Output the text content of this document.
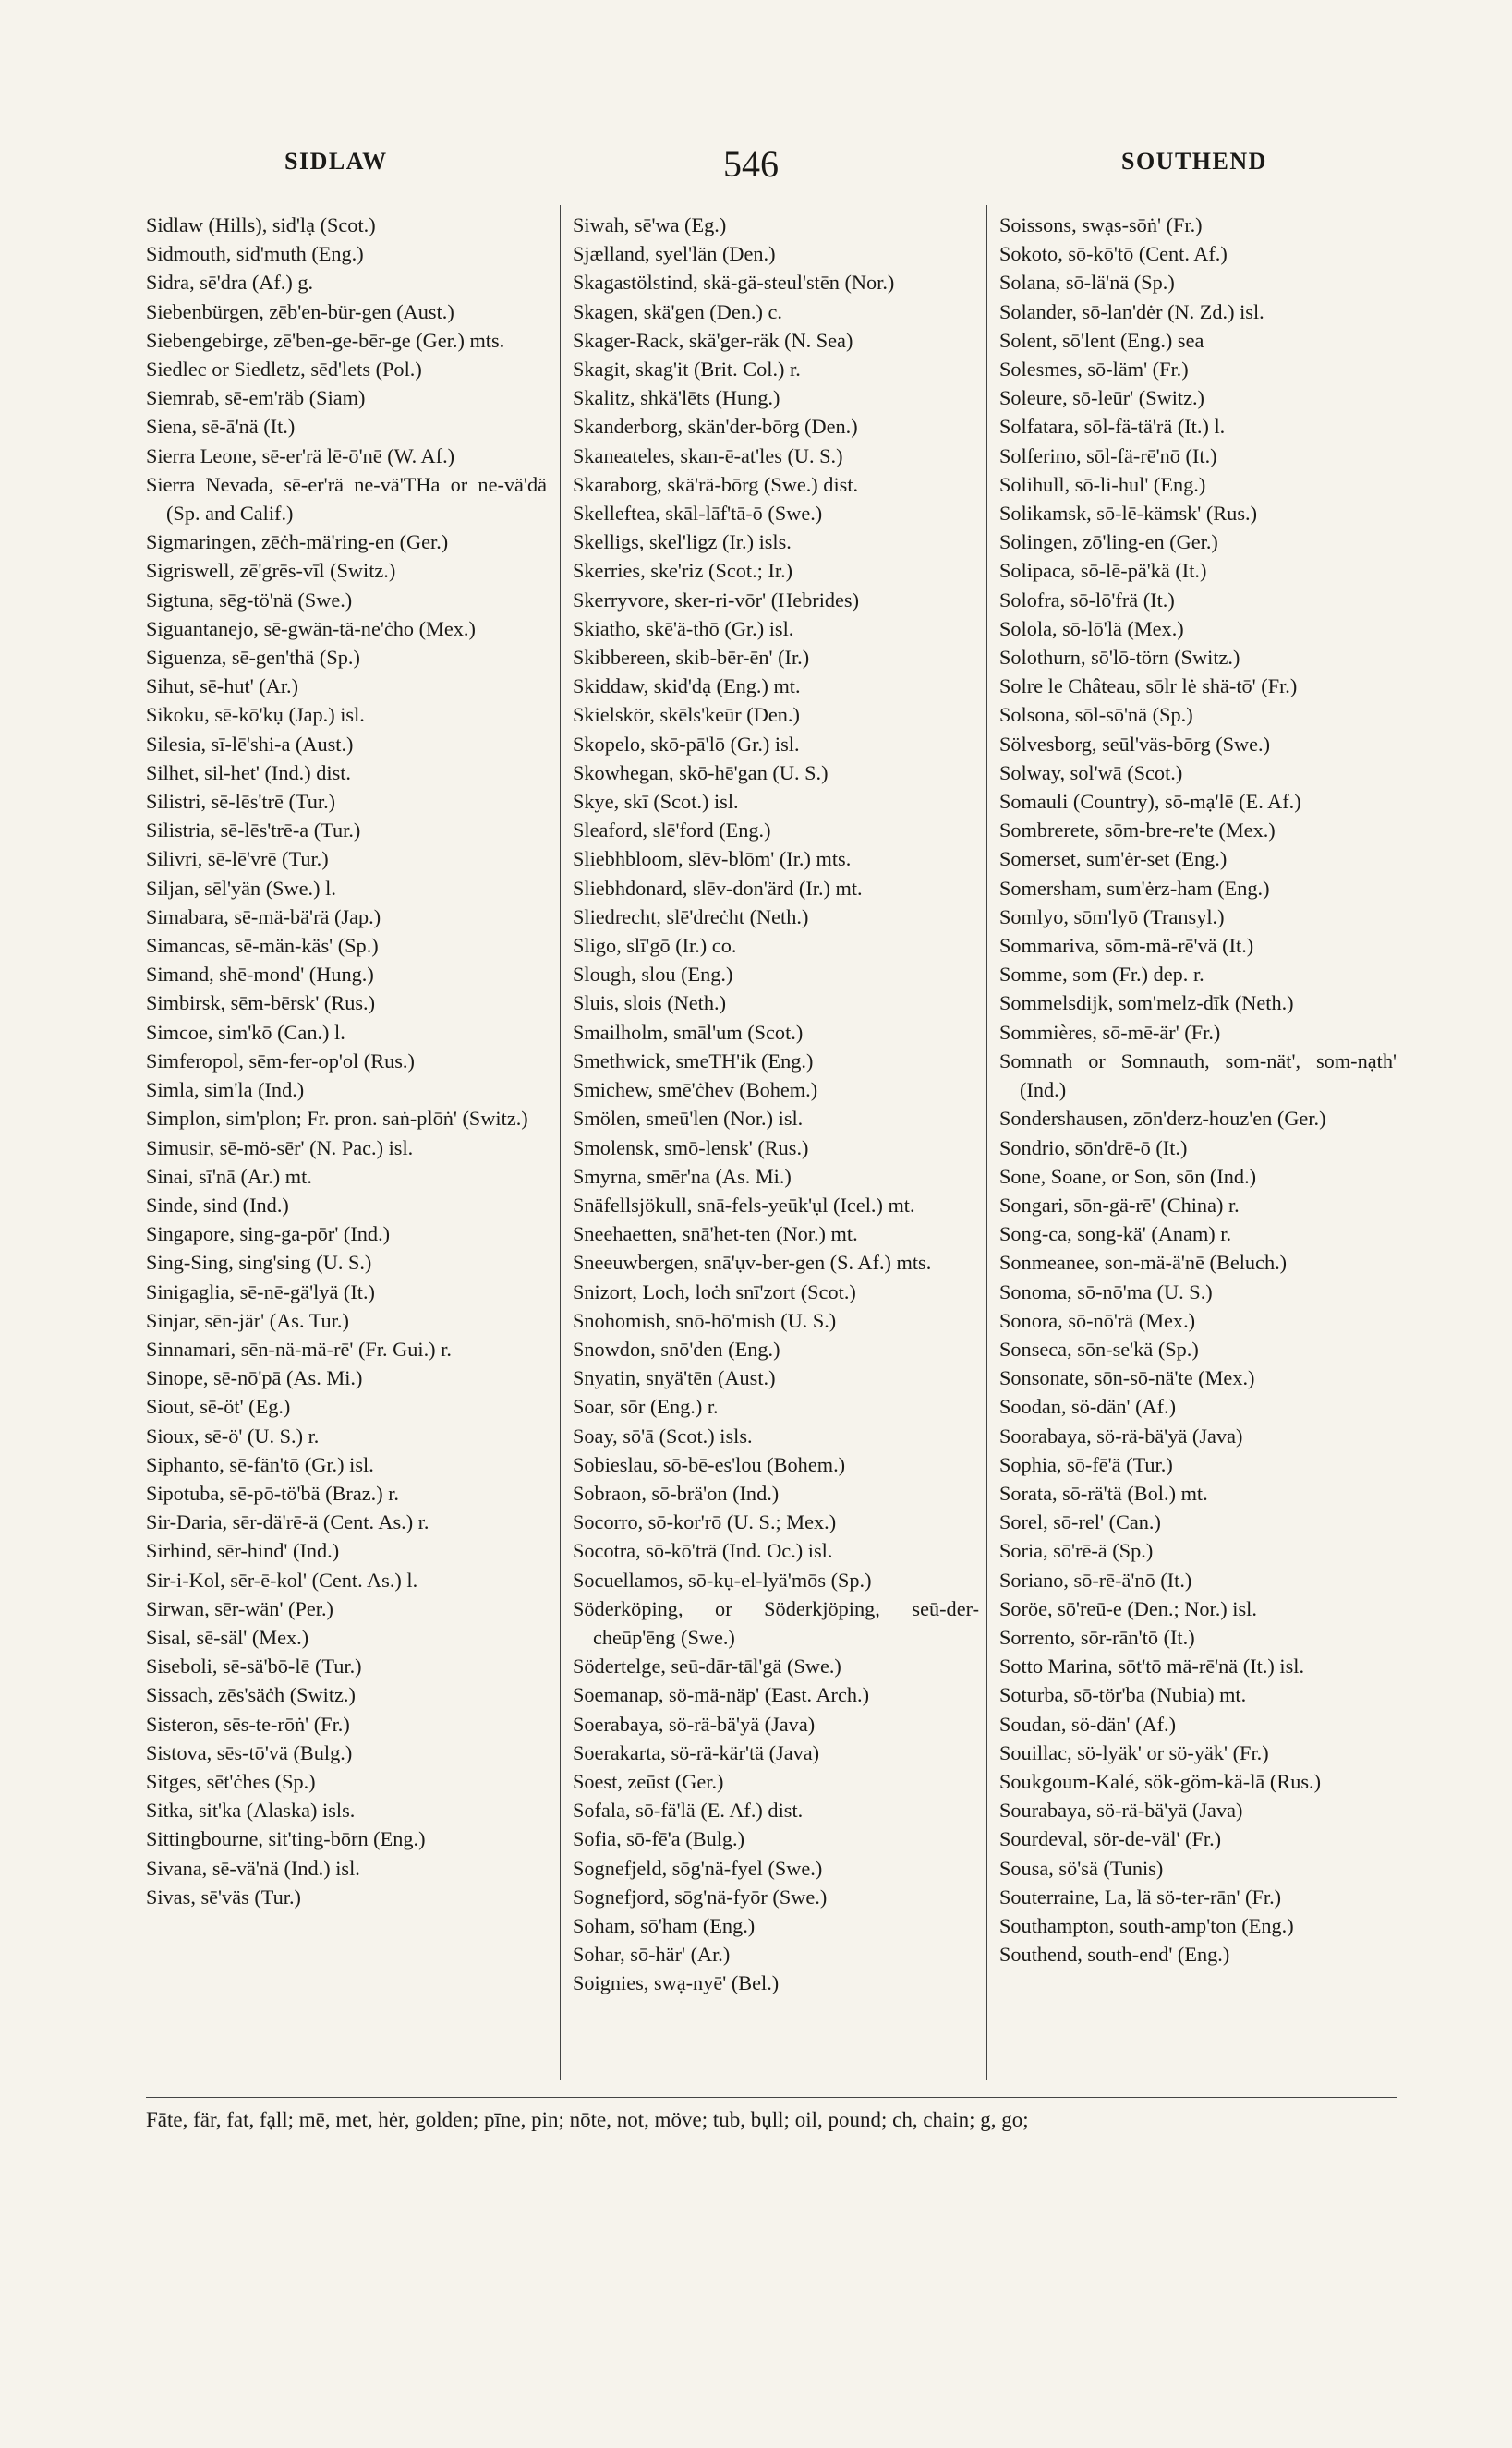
SIDLAW	546	SOUTHEND
Sidlaw (Hills), sid'lạ (Scot.)
Sidmouth, sid'muth (Eng.)
Sidra, sē'dra (Af.) g.
Siebenbürgen, zēb'en-bür-gen (Aust.)
Siebengebirge, zē'ben-ge-bēr-ge (Ger.) mts.
Siedlec or Siedletz, sēd'lets (Pol.)
Siemrab, sē-em'räb (Siam)
Siena, sē-ā'nä (It.)
Sierra Leone, sē-er'rä lē-ō'nē (W. Af.)
Sierra Nevada, sē-er'rä ne-vä'THa or ne-vä'dä (Sp. and Calif.)
Sigmaringen, zēċh-mä'ring-en (Ger.)
Sigriswell, zē'grēs-vīl (Switz.)
Sigtuna, sēg-tö'nä (Swe.)
Siguantanejo, sē-gwän-tä-ne'ċho (Mex.)
Siguenza, sē-gen'thä (Sp.)
Sihut, sē-hut' (Ar.)
Sikoku, sē-kō'kụ (Jap.) isl.
Silesia, sī-lē'shi-a (Aust.)
Silhet, sil-het' (Ind.) dist.
Silistri, sē-lēs'trē (Tur.)
Silistria, sē-lēs'trē-a (Tur.)
Silivri, sē-lē'vrē (Tur.)
Siljan, sēl'yän (Swe.) l.
Simabara, sē-mä-bä'rä (Jap.)
Simancas, sē-män-käs' (Sp.)
Simand, shē-mond' (Hung.)
Simbirsk, sēm-bērsk' (Rus.)
Simcoe, sim'kō (Can.) l.
Simferopol, sēm-fer-op'ol (Rus.)
Simla, sim'la (Ind.)
Simplon, sim'plon; Fr. pron. saṅ-plōṅ' (Switz.)
Simusir, sē-mö-sēr' (N. Pac.) isl.
Sinai, sī'nā (Ar.) mt.
Sinde, sind (Ind.)
Singapore, sing-ga-pōr' (Ind.)
Sing-Sing, sing'sing (U. S.)
Sinigaglia, sē-nē-gä'lyä (It.)
Sinjar, sēn-jär' (As. Tur.)
Sinnamari, sēn-nä-mä-rē' (Fr. Gui.) r.
Sinope, sē-nō'pā (As. Mi.)
Siout, sē-öt' (Eg.)
Sioux, sē-ö' (U. S.) r.
Siphanto, sē-fän'tō (Gr.) isl.
Sipotuba, sē-pō-tö'bä (Braz.) r.
Sir-Daria, sēr-dä'rē-ä (Cent. As.) r.
Sirhind, sēr-hind' (Ind.)
Sir-i-Kol, sēr-ē-kol' (Cent. As.) l.
Sirwan, sēr-wän' (Per.)
Sisal, sē-säl' (Mex.)
Siseboli, sē-sä'bō-lē (Tur.)
Sissach, zēs'säċh (Switz.)
Sisteron, sēs-te-rōṅ' (Fr.)
Sistova, sēs-tō'vä (Bulg.)
Sitges, sēt'ċhes (Sp.)
Sitka, sit'ka (Alaska) isls.
Sittingbourne, sit'ting-bōrn (Eng.)
Sivana, sē-vä'nä (Ind.) isl.
Sivas, sē'väs (Tur.)
Siwah, sē'wa (Eg.)
Sjælland, syel'län (Den.)
Skagastölstind, skä-gä-steul'stēn (Nor.)
Skagen, skä'gen (Den.) c.
Skager-Rack, skä'ger-räk (N. Sea)
Skagit, skag'it (Brit. Col.) r.
Skalitz, shkä'lēts (Hung.)
Skanderborg, skän'der-bōrg (Den.)
Skaneateles, skan-ē-at'les (U. S.)
Skaraborg, skä'rä-bōrg (Swe.) dist.
Skelleftea, skāl-lāf'tā-ō (Swe.)
Skelligs, skel'ligz (Ir.) isls.
Skerries, ske'riz (Scot.; Ir.)
Skerryvore, sker-ri-vōr' (Hebrides)
Skiatho, skē'ä-thō (Gr.) isl.
Skibbereen, skib-bēr-ēn' (Ir.)
Skiddaw, skid'dạ (Eng.) mt.
Skielskör, skēls'keūr (Den.)
Skopelo, skō-pā'lō (Gr.) isl.
Skowhegan, skō-hē'gan (U. S.)
Skye, skī (Scot.) isl.
Sleaford, slē'ford (Eng.)
Sliebhbloom, slēv-blōm' (Ir.) mts.
Sliebhdonard, slēv-don'ärd (Ir.) mt.
Sliedrecht, slē'dreċht (Neth.)
Sligo, slī'gō (Ir.) co.
Slough, slou (Eng.)
Sluis, slois (Neth.)
Smailholm, smāl'um (Scot.)
Smethwick, smeTH'ik (Eng.)
Smichew, smē'ċhev (Bohem.)
Smölen, smeū'len (Nor.) isl.
Smolensk, smō-lensk' (Rus.)
Smyrna, smēr'na (As. Mi.)
Snäfellsjökull, snā-fels-yeūk'ụl (Icel.) mt.
Sneehaetten, snā'het-ten (Nor.) mt.
Sneeuwbergen, snā'ụv-ber-gen (S. Af.) mts.
Snizort, Loch, loċh snī'zort (Scot.)
Snohomish, snō-hō'mish (U. S.)
Snowdon, snō'den (Eng.)
Snyatin, snyä'tēn (Aust.)
Soar, sōr (Eng.) r.
Soay, sō'ā (Scot.) isls.
Sobieslau, sō-bē-es'lou (Bohem.)
Sobraon, sō-brä'on (Ind.)
Socorro, sō-kor'rō (U. S.; Mex.)
Socotra, sō-kō'trä (Ind. Oc.) isl.
Socuellamos, sō-kụ-el-lyä'mōs (Sp.)
Söderköping, or Söderkjöping, seū-der-cheūp'ēng (Swe.)
Södertelge, seū-dār-tāl'gä (Swe.)
Soemanap, sö-mä-näp' (East. Arch.)
Soerabaya, sö-rä-bä'yä (Java)
Soerakarta, sö-rä-kär'tä (Java)
Soest, zeūst (Ger.)
Sofala, sō-fä'lä (E. Af.) dist.
Sofia, sō-fē'a (Bulg.)
Sognefjeld, sōg'nä-fyel (Swe.)
Sognefjord, sōg'nä-fyōr (Swe.)
Soham, sō'ham (Eng.)
Sohar, sō-här' (Ar.)
Soignies, swạ-nyē' (Bel.)
Soissons, swạs-sōṅ' (Fr.)
Sokoto, sō-kō'tō (Cent. Af.)
Solana, sō-lä'nä (Sp.)
Solander, sō-lan'dėr (N. Zd.) isl.
Solent, sō'lent (Eng.) sea
Solesmes, sō-läm' (Fr.)
Soleure, sō-leūr' (Switz.)
Solfatara, sōl-fä-tä'rä (It.) l.
Solferino, sōl-fä-rē'nō (It.)
Solihull, sō-li-hul' (Eng.)
Solikamsk, sō-lē-kämsk' (Rus.)
Solingen, zō'ling-en (Ger.)
Solipaca, sō-lē-pä'kä (It.)
Solofra, sō-lō'frä (It.)
Solola, sō-lō'lä (Mex.)
Solothurn, sō'lō-törn (Switz.)
Solre le Château, sōlr lė shä-tō' (Fr.)
Solsona, sōl-sō'nä (Sp.)
Sölvesborg, seūl'väs-bōrg (Swe.)
Solway, sol'wā (Scot.)
Somauli (Country), sō-mạ'lē (E. Af.)
Sombrerete, sōm-bre-re'te (Mex.)
Somerset, sum'ėr-set (Eng.)
Somersham, sum'ėrz-ham (Eng.)
Somlyo, sōm'lyō (Transyl.)
Sommariva, sōm-mä-rē'vä (It.)
Somme, som (Fr.) dep. r.
Sommelsdijk, som'melz-dīk (Neth.)
Sommières, sō-mē-är' (Fr.)
Somnath or Somnauth, som-nät', som-nạth' (Ind.)
Sondershausen, zōn'derz-houz'en (Ger.)
Sondrio, sōn'drē-ō (It.)
Sone, Soane, or Son, sōn (Ind.)
Songari, sōn-gä-rē' (China) r.
Song-ca, song-kä' (Anam) r.
Sonmeanee, son-mä-ä'nē (Beluch.)
Sonoma, sō-nō'ma (U. S.)
Sonora, sō-nō'rä (Mex.)
Sonseca, sōn-se'kä (Sp.)
Sonsonate, sōn-sō-nä'te (Mex.)
Soodan, sö-dän' (Af.)
Soorabaya, sö-rä-bä'yä (Java)
Sophia, sō-fē'ä (Tur.)
Sorata, sō-rä'tä (Bol.) mt.
Sorel, sō-rel' (Can.)
Soria, sō'rē-ä (Sp.)
Soriano, sō-rē-ä'nō (It.)
Soröe, sō'reū-e (Den.; Nor.) isl.
Sorrento, sōr-rān'tō (It.)
Sotto Marina, sōt'tō mä-rē'nä (It.) isl.
Soturba, sō-tör'ba (Nubia) mt.
Soudan, sö-dän' (Af.)
Souillac, sö-lyäk' or sö-yäk' (Fr.)
Soukgoum-Kalé, sök-göm-kä-lā (Rus.)
Sourabaya, sö-rä-bä'yä (Java)
Sourdeval, sör-de-väl' (Fr.)
Sousa, sö'sä (Tunis)
Souterraine, La, lä sö-ter-rān' (Fr.)
Southampton, south-amp'ton (Eng.)
Southend, south-end' (Eng.)
Fāte, fär, fat, fạll; mē, met, hėr, golden; pīne, pin; nōte, not, möve; tub, bụll; oil, pound; ch, chain; g, go;
